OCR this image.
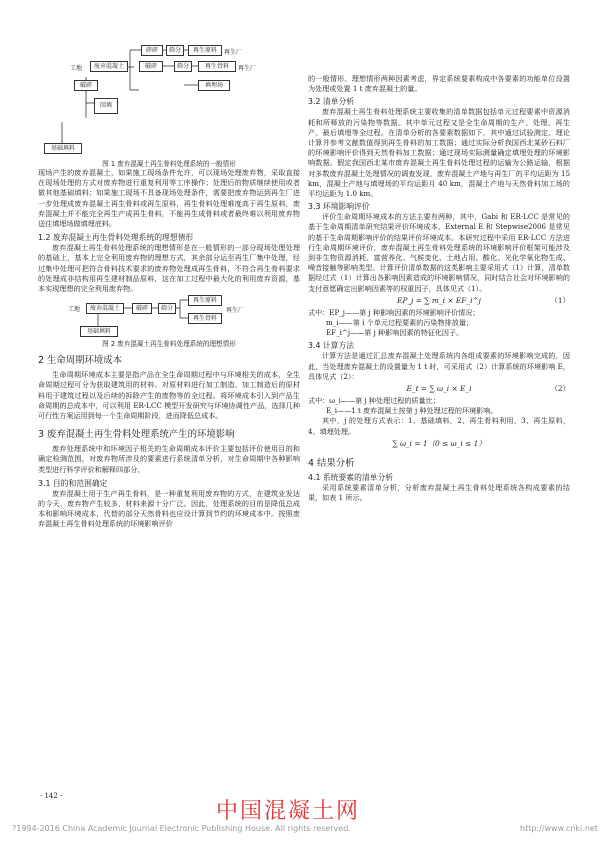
碎碎	筛分	再生原料	再生厂
工地	废弃混凝土	破碎	筛分	再生骨料	再生厂
破碎
回填
填埋场
基础填料
图 1 废弃混凝土再生骨料处理系统的一般情形

现场产生的废弃混凝土，如果施工现场条件允许，可以现场处理废弃物，采取直接在现场处理的方式对废弃物进行重复利用等工序操作；处理后的物质继续使用或者做其他基础填料；如果施工现场不具备现场处理条件，需要把废弃物运到再生厂进一步处理成废弃混凝土再生骨料或再生原料，再生骨料处理难度高于再生原料，废弃混凝土并不能完全再生产成再生骨料，不能再生成骨料或者最终难以利用废弃物送往填埋场做填埋底料。

1.2 废弃混凝土再生骨料处理系统的理想情形

废弃混凝土再生骨料处理系统的理想情形是在一般情形的一部分现场处理处理的基础上，基本上完全利用废弃物的理想方式，其余部分运至再生厂集中处理，经过集中处理可把符合骨料技术要求的废弃物处理成再生骨料，不符合再生骨料要求的处理成非结构用再生建材制品原料，这在加工过程中最大化的利用废弃资源，基本实现理想的完全利用废弃物。

工地	废弃混凝土	破碎	筛分
再生原料
再生骨料
再生厂
基础填料
图 2 废弃混凝土再生骨料处理系统的理想情形
2 生命周期环境成本

生命周期环境成本主要是指产品在全生命周期过程中与环境相关的成本，全生命周期过程可分为获取建筑用的材料、对原材料进行加工制造、加工制造后的原材料用于建筑过程以及后续的拆除产生的废物等的全过程。将环境成本引入到产品生命周期的总成本中，可以利用 ER-LCC 模型开发研究与环境协调性产品，选择几种可行性方案运用到每一个生命周期阶段，进而降低总成本。

3 废弃混凝土再生骨料处理系统产生的环境影响

废弃处理系统中和环境因子相关的生命周期成本评价主要包括评价使用目的和确定检测范围，对废弃物所涉及的要素进行系统清单分析，对生命周期中各种影响类型进行科学评价和解释四部分。

3.1 目的和范围确定

废弃混凝土用于生产再生骨料，是一种重复利用废弃物的方式，在建筑业发达的今天，废弃物产生较多，材料来源十分广泛。因此，处理系统的目的是降低总成本和影响环境成本，代替的部分天然骨料也应设计算到节约的环境成本中。按照废弃混凝土再生骨料处理系统的环境影响评价

的一般情形、理想情形两种因素考虑，界定系统要素构成中各要素的功能单位设置为处理或处置 1 t 废弃混凝土的量。

3.2 清单分析

废弃混凝土再生骨料处理系统主要收集的清单数据包括单元过程要素中资源消耗和所释放的污染物等数据。其中单元过程又是全生命周期的生产、处理、再生产、最后填埋等全过程。在清单分析的各要素数据如下，其中通过试验测定、理论计算并参考文献数值得到再生骨料的加工数据；通过实际分析我国西北某砂石料厂的环境影响评价得到天然骨料加工数据；通过现场实际测量确定填埋处理的环境影响数据。假定我国西北某市废弃混凝土再生骨料处理过程的运输为公路运输，根据对多数废弃混凝土处理情况的调查发现，废弃混凝土产地与再生厂的平均运距为 15 km，混凝土产地与填埋场的平均运距月 40 km，混凝土产地与天然骨料加工场的平均运距为 1.0 km。

3.3 环境影响评价

评价生命周期环境成本的方法主要有两种，其中，Gabi 和 ER-LCC 是常见的基于生命周期清单研究结果评价环境成本，External E 和 Stepwise2006 是常见的基于生命周期影响评价的结果评价环境成本。本研究过程中采用 ER-LCC 方法进行生命周期环境评价，废弃混凝土再生骨料处理系统的环境影响评价框架可能涉及到非生物资源消耗、富营养化、气候变化、土地占用、酸化、光化学氧化物生成、噪音接触等影响类型。计算评价清单数据的这类影响主要采用式（1）计算，清单数据经过式（1）计算出各影响因素造成的环境影响情况，同时结合社会对环境影响的支付意愿确定出影响因素等的权重因子，具体见式（1）。

EP_j = ∑ m_i × EF_i^j	（1）

式中：EP_j——第 j 种影响因素的环境影响评价情况；

m_i——第 i 个单元过程要素的污染物排放量；

EF_i^j——第 j 种影响因素的特征化因子。

3.4 计算方法

计算方法是通过汇总废弃混凝土处理系统内各组成要素的环境影响完成的，因此，当处理废弃混凝土的设置量为 1 t 时，可采用式（2）计算系统的环境影响 E，具体见式（2）：

E_t = ∑ ω_i × E_i	（2）

式中：ω_i——第 j 种处理过程的质量比；

E_i——1 t 废弃混凝土按第 j 种处理过程的环境影响。

其中，j 的处理方式表示：1、基础填料，2、再生骨料利用，3、再生原料，4、填埋处理。

∑ ω_i = 1（0 ≤ ω_i ≤ 1）
4 结果分析
4.1 系统要素的清单分析

采用系统要素清单分析，分析废弃混凝土再生骨料处理系统各构成要素的结果，如表 1 所示。

· 142 ·
中国混凝土网
?1994-2016 China Academic Journal Electronic Publishing House. All rights reserved.	http://www.cnki.net
